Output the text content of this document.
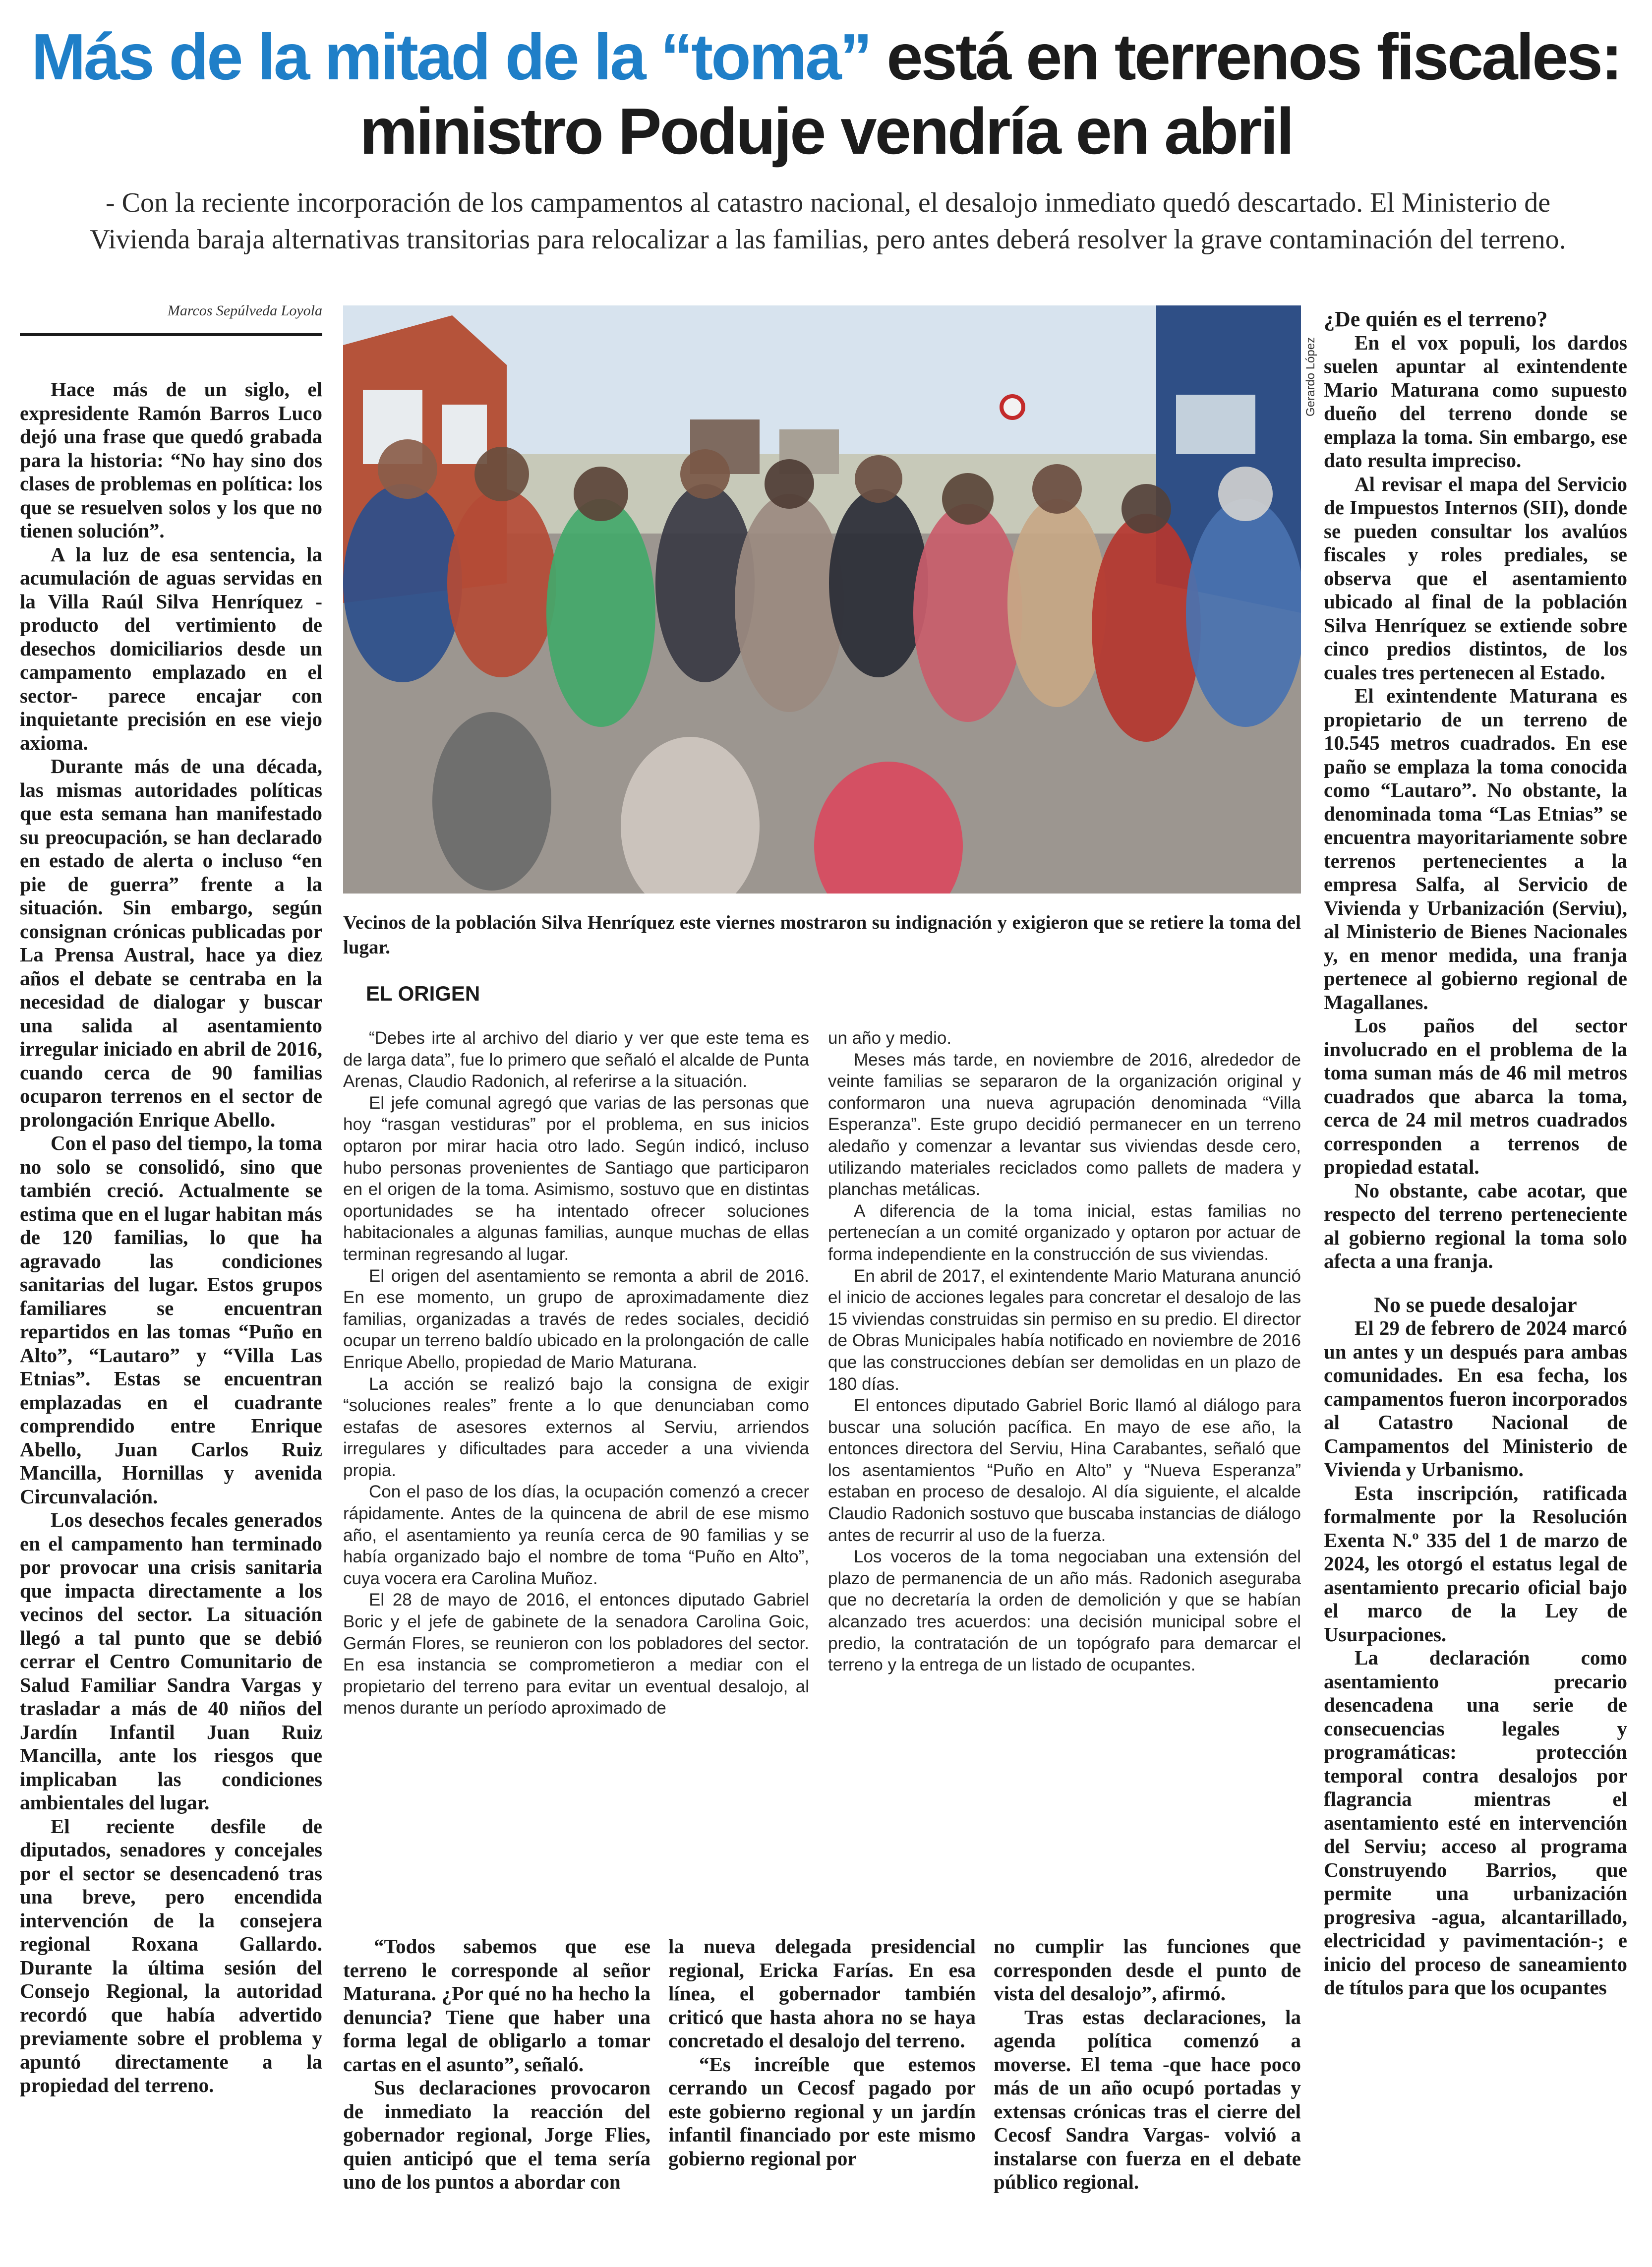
Más de la mitad de la “toma” está en terrenos fiscales:
ministro Poduje vendría en abril
- Con la reciente incorporación de los campamentos al catastro nacional, el desalojo inmediato quedó descartado. El Ministerio de Vivienda baraja alternativas transitorias para relocalizar a las familias, pero antes deberá resolver la grave contaminación del terreno.
Marcos Sepúlveda Loyola

Hace más de un siglo, el expresidente Ramón Barros Luco dejó una frase que quedó grabada para la historia: “No hay sino dos clases de problemas en política: los que se resuelven solos y los que no tienen solución”.

A la luz de esa sentencia, la acumulación de aguas servidas en la Villa Raúl Silva Henríquez -producto del vertimiento de desechos domiciliarios desde un campamento emplazado en el sector- parece encajar con inquietante precisión en ese viejo axioma.

Durante más de una década, las mismas autoridades políticas que esta semana han manifestado su preocupación, se han declarado en estado de alerta o incluso “en pie de guerra” frente a la situación. Sin embargo, según consignan crónicas publicadas por La Prensa Austral, hace ya diez años el debate se centraba en la necesidad de dialogar y buscar una salida al asentamiento irregular iniciado en abril de 2016, cuando cerca de 90 familias ocuparon terrenos en el sector de prolongación Enrique Abello.

Con el paso del tiempo, la toma no solo se consolidó, sino que también creció. Actualmente se estima que en el lugar habitan más de 120 familias, lo que ha agravado las condiciones sanitarias del lugar. Estos grupos familiares se encuentran repartidos en las tomas “Puño en Alto”, “Lautaro” y “Villa Las Etnias”. Estas se encuentran emplazadas en el cuadrante comprendido entre Enrique Abello, Juan Carlos Ruiz Mancilla, Hornillas y avenida Circunvalación.

Los desechos fecales generados en el campamento han terminado por provocar una crisis sanitaria que impacta directamente a los vecinos del sector. La situación llegó a tal punto que se debió cerrar el Centro Comunitario de Salud Familiar Sandra Vargas y trasladar a más de 40 niños del Jardín Infantil Juan Ruiz Mancilla, ante los riesgos que implicaban las condiciones ambientales del lugar.

El reciente desfile de diputados, senadores y concejales por el sector se desencadenó tras una breve, pero encendida intervención de la consejera regional Roxana Gallardo. Durante la última sesión del Consejo Regional, la autoridad recordó que había advertido previamente sobre el problema y apuntó directamente a la propiedad del terreno.

Gerardo López
Vecinos de la población Silva Henríquez este viernes mostraron su indignación y exigieron que se retiere la toma del lugar.
EL ORIGEN

“Debes irte al archivo del diario y ver que este tema es de larga data”, fue lo primero que señaló el alcalde de Punta Arenas, Claudio Radonich, al referirse a la situación.

El jefe comunal agregó que varias de las personas que hoy “rasgan vestiduras” por el problema, en sus inicios optaron por mirar hacia otro lado. Según indicó, incluso hubo personas provenientes de Santiago que participaron en el origen de la toma. Asimismo, sostuvo que en distintas oportunidades se ha intentado ofrecer soluciones habitacionales a algunas familias, aunque muchas de ellas terminan regresando al lugar.

El origen del asentamiento se remonta a abril de 2016. En ese momento, un grupo de aproximadamente diez familias, organizadas a través de redes sociales, decidió ocupar un terreno baldío ubicado en la prolongación de calle Enrique Abello, propiedad de Mario Maturana.

La acción se realizó bajo la consigna de exigir “soluciones reales” frente a lo que denunciaban como estafas de asesores externos al Serviu, arriendos irregulares y dificultades para acceder a una vivienda propia.

Con el paso de los días, la ocupación comenzó a crecer rápidamente. Antes de la quincena de abril de ese mismo año, el asentamiento ya reunía cerca de 90 familias y se había organizado bajo el nombre de toma “Puño en Alto”, cuya vocera era Carolina Muñoz.

El 28 de mayo de 2016, el entonces diputado Gabriel Boric y el jefe de gabinete de la senadora Carolina Goic, Germán Flores, se reunieron con los pobladores del sector. En esa instancia se comprometieron a mediar con el propietario del terreno para evitar un eventual desalojo, al menos durante un período aproximado de

un año y medio.

Meses más tarde, en noviembre de 2016, alrededor de veinte familias se separaron de la organización original y conformaron una nueva agrupación denominada “Villa Esperanza”. Este grupo decidió permanecer en un terreno aledaño y comenzar a levantar sus viviendas desde cero, utilizando materiales reciclados como pallets de madera y planchas metálicas.

A diferencia de la toma inicial, estas familias no pertenecían a un comité organizado y optaron por actuar de forma independiente en la construcción de sus viviendas.

En abril de 2017, el exintendente Mario Maturana anunció el inicio de acciones legales para concretar el desalojo de las 15 viviendas construidas sin permiso en su predio. El director de Obras Municipales había notificado en noviembre de 2016 que las construcciones debían ser demolidas en un plazo de 180 días.

El entonces diputado Gabriel Boric llamó al diálogo para buscar una solución pacífica. En mayo de ese año, la entonces directora del Serviu, Hina Carabantes, señaló que los asentamientos “Puño en Alto” y “Nueva Esperanza” estaban en proceso de desalojo. Al día siguiente, el alcalde Claudio Radonich sostuvo que buscaba instancias de diálogo antes de recurrir al uso de la fuerza.

Los voceros de la toma negociaban una extensión del plazo de permanencia de un año más. Radonich aseguraba que no decretaría la orden de demolición y que se habían alcanzado tres acuerdos: una decisión municipal sobre el predio, la contratación de un topógrafo para demarcar el terreno y la entrega de un listado de ocupantes.

“Todos sabemos que ese terreno le corresponde al señor Maturana. ¿Por qué no ha hecho la denuncia? Tiene que haber una forma legal de obligarlo a tomar cartas en el asunto”, señaló.

Sus declaraciones provocaron de inmediato la reacción del gobernador regional, Jorge Flies, quien anticipó que el tema sería uno de los puntos a abordar con

la nueva delegada presidencial regional, Ericka Farías. En esa línea, el gobernador también criticó que hasta ahora no se haya concretado el desalojo del terreno.

“Es increíble que estemos cerrando un Cecosf pagado por este gobierno regional y un jardín infantil financiado por este mismo gobierno regional por

no cumplir las funciones que corresponden desde el punto de vista del desalojo”, afirmó.

Tras estas declaraciones, la agenda política comenzó a moverse. El tema -que hace poco más de un año ocupó portadas y extensas crónicas tras el cierre del Cecosf Sandra Vargas- volvió a instalarse con fuerza en el debate público regional.

¿De quién es el terreno?

En el vox populi, los dardos suelen apuntar al exintendente Mario Maturana como supuesto dueño del terreno donde se emplaza la toma. Sin embargo, ese dato resulta impreciso.

Al revisar el mapa del Servicio de Impuestos Internos (SII), donde se pueden consultar los avalúos fiscales y roles prediales, se observa que el asentamiento ubicado al final de la población Silva Henríquez se extiende sobre cinco predios distintos, de los cuales tres pertenecen al Estado.

El exintendente Maturana es propietario de un terreno de 10.545 metros cuadrados. En ese paño se emplaza la toma conocida como “Lautaro”. No obstante, la denominada toma “Las Etnias” se encuentra mayoritariamente sobre terrenos pertenecientes a la empresa Salfa, al Servicio de Vivienda y Urbanización (Serviu), al Ministerio de Bienes Nacionales y, en menor medida, una franja pertenece al gobierno regional de Magallanes.

Los paños del sector involucrado en el problema de la toma suman más de 46 mil metros cuadrados que abarca la toma, cerca de 24 mil metros cuadrados corresponden a terrenos de propiedad estatal.

No obstante, cabe acotar, que respecto del terreno perteneciente al gobierno regional la toma solo afecta a una franja.

No se puede desalojar

El 29 de febrero de 2024 marcó un antes y un después para ambas comunidades. En esa fecha, los campamentos fueron incorporados al Catastro Nacional de Campamentos del Ministerio de Vivienda y Urbanismo.

Esta inscripción, ratificada formalmente por la Resolución Exenta N.º 335 del 1 de marzo de 2024, les otorgó el estatus legal de asentamiento precario oficial bajo el marco de la Ley de Usurpaciones.

La declaración como asentamiento precario desencadena una serie de consecuencias legales y programáticas: protección temporal contra desalojos por flagrancia mientras el asentamiento esté en intervención del Serviu; acceso al programa Construyendo Barrios, que permite una urbanización progresiva -agua, alcantarillado, electricidad y pavimentación-; e inicio del proceso de saneamiento de títulos para que los ocupantes
